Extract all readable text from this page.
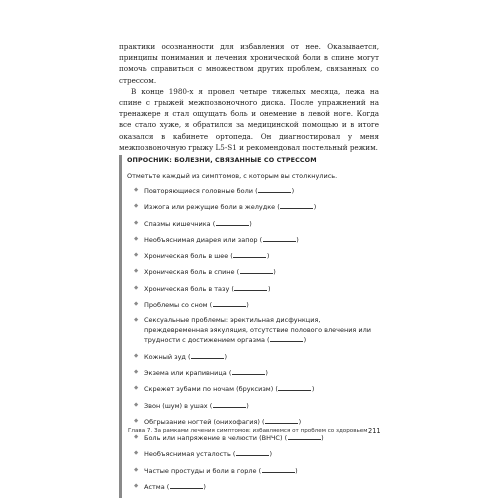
практики осознанности для избавления от нее. Оказывается, принципы понимания и лечения хронической боли в спине могут помочь справиться с множеством других проблем, связанных со стрессом.

В конце 1980-х я провел четыре тяжелых месяца, лежа на спине с грыжей межпозвоночного диска. После упражнений на тренажере я стал ощущать боль и онемение в левой ноге. Когда все стало хуже, я обратился за медицинской помощью и в итоге оказался в кабинете ортопеда. Он диагностировал у меня межпозвоночную грыжу L5-S1 и рекомендовал постельный режим.

ОПРОСНИК: БОЛЕЗНИ, СВЯЗАННЫЕ СО СТРЕССОМ
Отметьте каждый из симптомов, с которым вы столкнулись.
◆ Повторяющиеся головные боли (	)
◆ Изжога или режущие боли в желудке (	)
◆ Спазмы кишечника (	)
◆ Необъяснимая диарея или запор (	)
◆ Хроническая боль в шее (	)
◆ Хроническая боль в спине (	)
◆ Хроническая боль в тазу (	)
◆ Проблемы со сном (	)
◆ Сексуальные проблемы: эректильная дисфункция, преждевременная эякуляция, отсутствие полового влечения или трудности с достижением оргазма (	)
◆ Кожный зуд (	)
◆ Экзема или крапивница (	)
◆ Скрежет зубами по ночам (бруксизм) (	)
◆ Звон (шум) в ушах (	)
◆ Обгрызание ногтей (онихофагия) (	)
◆ Боль или напряжение в челюсти (ВНЧС) (	)
◆ Необъяснимая усталость (	)
◆ Частые простуды и боли в горле (	)
◆ Астма (	)
Глава 7. За рамками лечения симптомов: избавляемся от проблем со здоровьем 211
